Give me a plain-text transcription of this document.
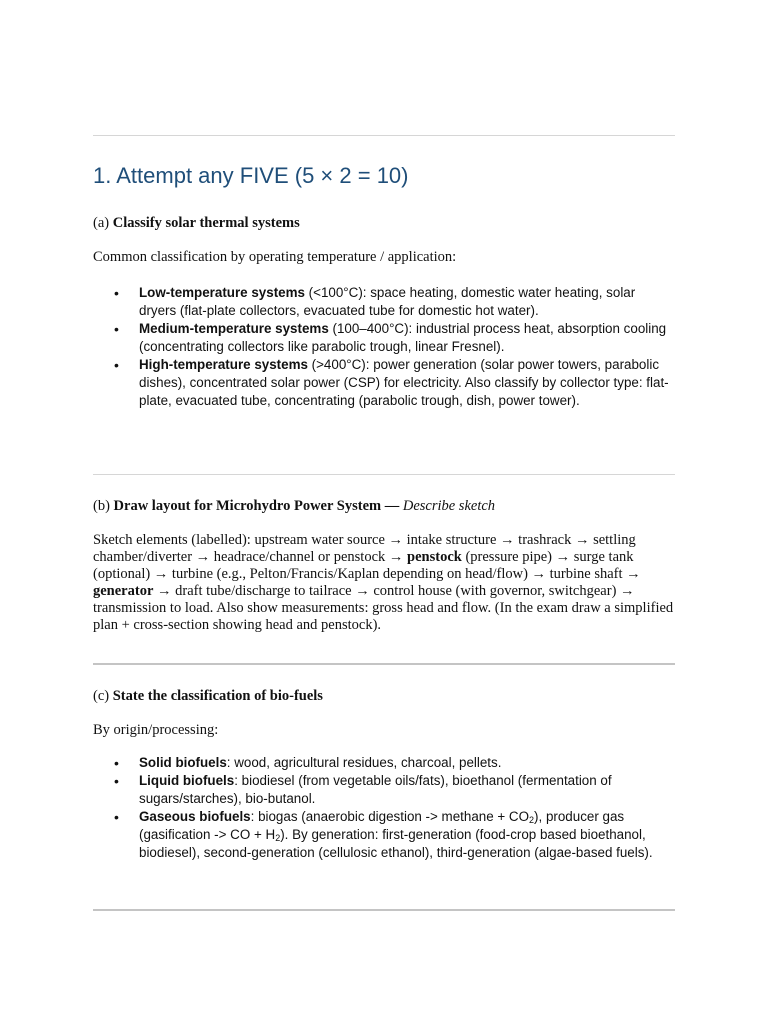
1. Attempt any FIVE (5 × 2 = 10)

(a) Classify solar thermal systems

Common classification by operating temperature / application:

• Low-temperature systems (<100°C): space heating, domestic water heating, solar dryers (flat-plate collectors, evacuated tube for domestic hot water).
• Medium-temperature systems (100–400°C): industrial process heat, absorption cooling (concentrating collectors like parabolic trough, linear Fresnel).
• High-temperature systems (>400°C): power generation (solar power towers, parabolic dishes), concentrated solar power (CSP) for electricity. Also classify by collector type: flat-plate, evacuated tube, concentrating (parabolic trough, dish, power tower).

(b) Draw layout for Microhydro Power System — Describe sketch

Sketch elements (labelled): upstream water source → intake structure → trashrack → settling chamber/diverter → headrace/channel or penstock → penstock (pressure pipe) → surge tank (optional) → turbine (e.g., Pelton/Francis/Kaplan depending on head/flow) → turbine shaft → generator → draft tube/discharge to tailrace → control house (with governor, switchgear) → transmission to load. Also show measurements: gross head and flow. (In the exam draw a simplified plan + cross-section showing head and penstock).

(c) State the classification of bio-fuels

By origin/processing:

• Solid biofuels: wood, agricultural residues, charcoal, pellets.
• Liquid biofuels: biodiesel (from vegetable oils/fats), bioethanol (fermentation of sugars/starches), bio-butanol.
• Gaseous biofuels: biogas (anaerobic digestion -> methane + $CO_2$), producer gas (gasification -> CO + $H_2$). By generation: first-generation (food-crop based bioethanol, biodiesel), second-generation (cellulosic ethanol), third-generation (algae-based fuels).
